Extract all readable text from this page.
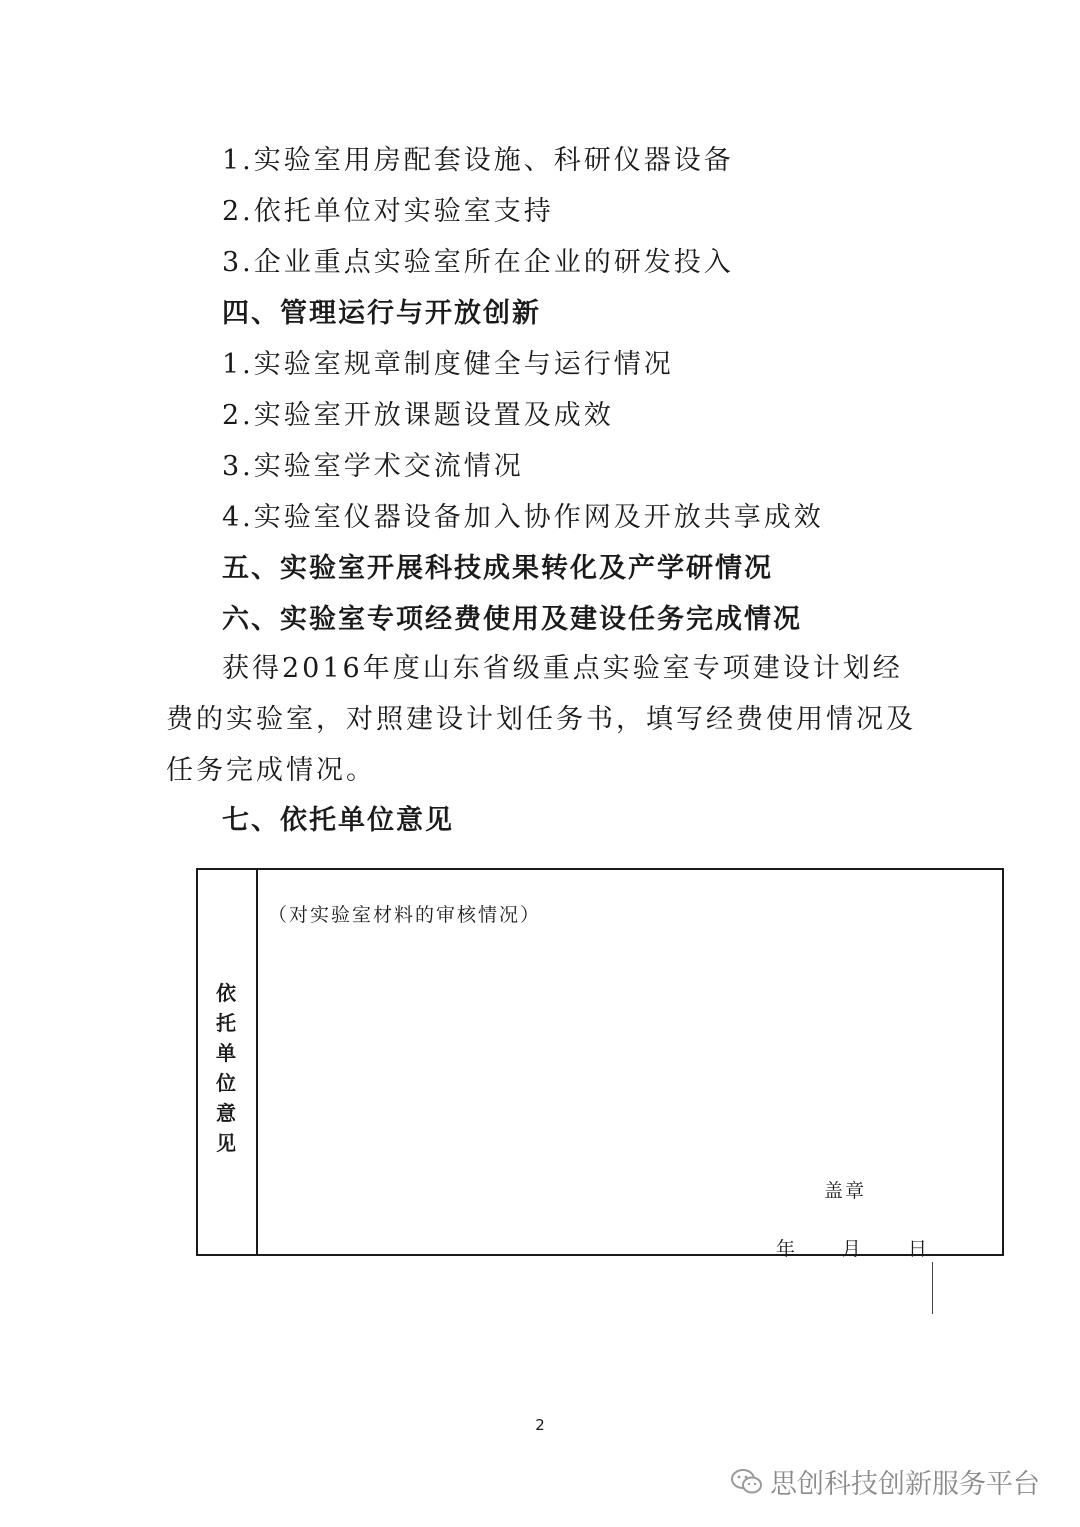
1.实验室用房配套设施、科研仪器设备
2.依托单位对实验室支持
3.企业重点实验室所在企业的研发投入
四、管理运行与开放创新
1.实验室规章制度健全与运行情况
2.实验室开放课题设置及成效
3.实验室学术交流情况
4.实验室仪器设备加入协作网及开放共享成效
五、实验室开展科技成果转化及产学研情况
六、实验室专项经费使用及建设任务完成情况
获得2016年度山东省级重点实验室专项建设计划经费的实验室，对照建设计划任务书，填写经费使用情况及任务完成情况。
七、依托单位意见
依托单位意见
（对实验室材料的审核情况）
盖章
年 月 日
2
思创科技创新服务平台
